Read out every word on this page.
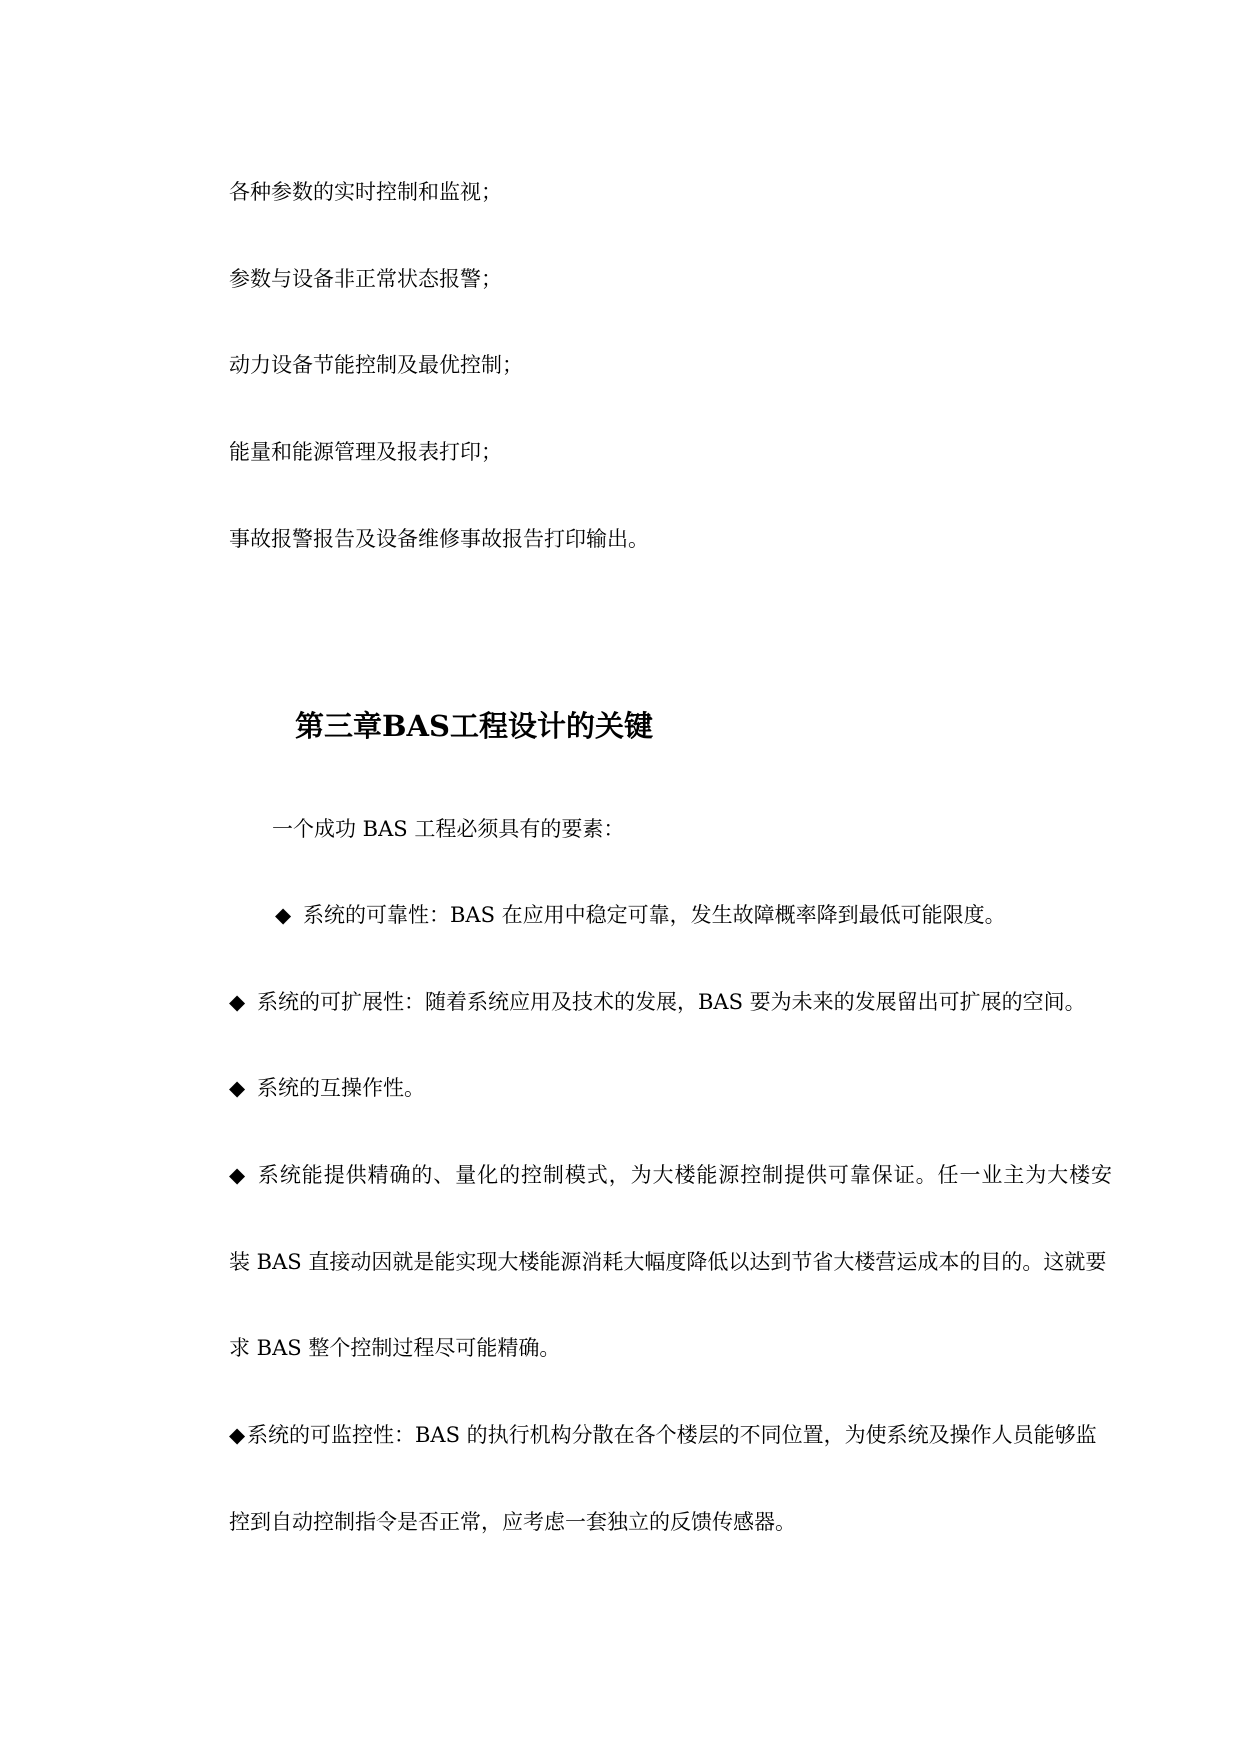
各种参数的实时控制和监视；
参数与设备非正常状态报警；
动力设备节能控制及最优控制；
能量和能源管理及报表打印；
事故报警报告及设备维修事故报告打印输出。
第三章BAS工程设计的关键
一个成功 BAS 工程必须具有的要素：
◆ 系统的可靠性：BAS 在应用中稳定可靠，发生故障概率降到最低可能限度。
◆ 系统的可扩展性：随着系统应用及技术的发展，BAS 要为未来的发展留出可扩展的空间。
◆ 系统的互操作性。
◆ 系统能提供精确的、量化的控制模式，为大楼能源控制提供可靠保证。任一业主为大楼安
装 BAS 直接动因就是能实现大楼能源消耗大幅度降低以达到节省大楼营运成本的目的。这就要
求 BAS 整个控制过程尽可能精确。
◆系统的可监控性：BAS 的执行机构分散在各个楼层的不同位置，为使系统及操作人员能够监
控到自动控制指令是否正常，应考虑一套独立的反馈传感器。
